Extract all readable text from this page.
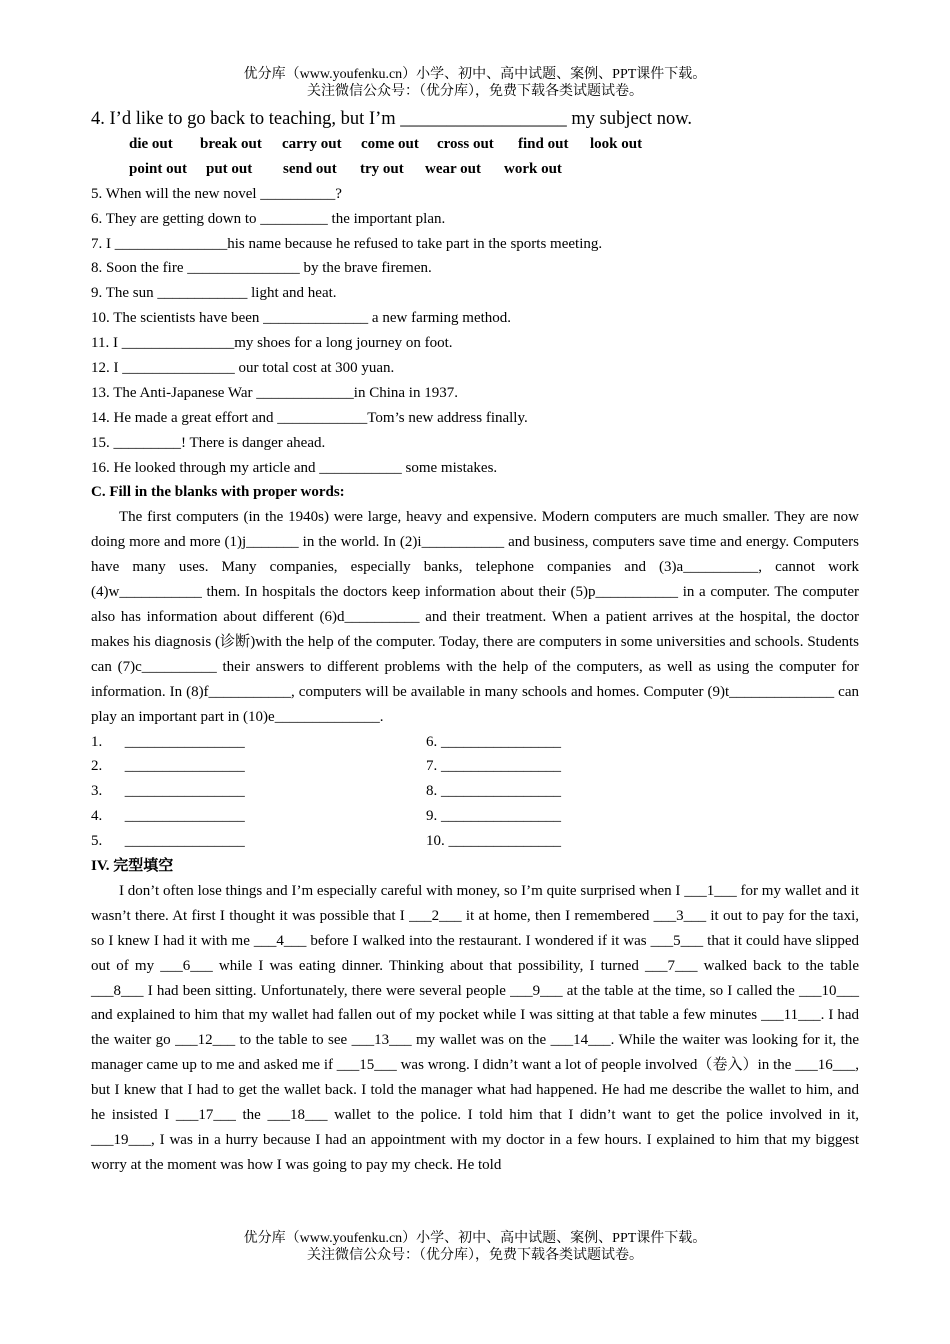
优分库（www.youfenku.cn）小学、初中、高中试题、案例、PPT课件下载。
关注微信公众号：（优分库），免费下载各类试题试卷。
4. I’d like to go back to teaching, but I’m __________________ my subject now.
die out break out carry out come out cross out find out look out
point out put out send out try out wear out work out
5. When will the new novel __________?
6. They are getting down to _________ the important plan.
7. I _______________his name because he refused to take part in the sports meeting.
8. Soon the fire _______________ by the brave firemen.
9. The sun ____________ light and heat.
10. The scientists have been ______________ a new farming method.
11. I _______________my shoes for a long journey on foot.
12. I _______________ our total cost at 300 yuan.
13. The Anti-Japanese War _____________in China in 1937.
14. He made a great effort and ____________Tom’s new address finally.
15. _________! There is danger ahead.
16. He looked through my article and ___________ some mistakes.
C. Fill in the blanks with proper words:

The first computers (in the 1940s) were large, heavy and expensive. Modern computers are much smaller. They are now doing more and more (1)j_______ in the world. In (2)i___________ and business, computers save time and energy. Computers have many uses. Many companies, especially banks, telephone companies and (3)a__________, cannot work (4)w___________ them. In hospitals the doctors keep information about their (5)p___________ in a computer. The computer also has information about different (6)d__________ and their treatment. When a patient arrives at the hospital, the doctor makes his diagnosis (诊断)with the help of the computer. Today, there are computers in some universities and schools. Students can (7)c__________ their answers to different problems with the help of the computers, as well as using the computer for information. In (8)f___________, computers will be available in many schools and homes. Computer (9)t______________ can play an important part in (10)e______________.

1.      ________________
2.      ________________
3.      ________________
4.      ________________
5.      ________________
6. ________________
7. ________________
8. ________________
9. ________________
10. _______________
IV. 完型填空

I don’t often lose things and I’m especially careful with money, so I’m quite surprised when I ___1___ for my wallet and it wasn’t there. At first I thought it was possible that I ___2___ it at home, then I remembered ___3___ it out to pay for the taxi, so I knew I had it with me ___4___ before I walked into the restaurant. I wondered if it was ___5___ that it could have slipped out of my ___6___ while I was eating dinner. Thinking about that possibility, I turned ___7___ walked back to the table ___8___ I had been sitting. Unfortunately, there were several people ___9___ at the table at the time, so I called the ___10___ and explained to him that my wallet had fallen out of my pocket while I was sitting at that table a few minutes ___11___. I had the waiter go ___12___ to the table to see ___13___ my wallet was on the ___14___. While the waiter was looking for it, the manager came up to me and asked me if ___15___ was wrong. I didn’t want a lot of people involved（卷入）in the ___16___, but I knew that I had to get the wallet back. I told the manager what had happened. He had me describe the wallet to him, and he insisted I ___17___ the ___18___ wallet to the police. I told him that I didn’t want to get the police involved in it, ___19___, I was in a hurry because I had an appointment with my doctor in a few hours. I explained to him that my biggest worry at the moment was how I was going to pay my check. He told

优分库（www.youfenku.cn）小学、初中、高中试题、案例、PPT课件下载。
关注微信公众号：（优分库），免费下载各类试题试卷。
